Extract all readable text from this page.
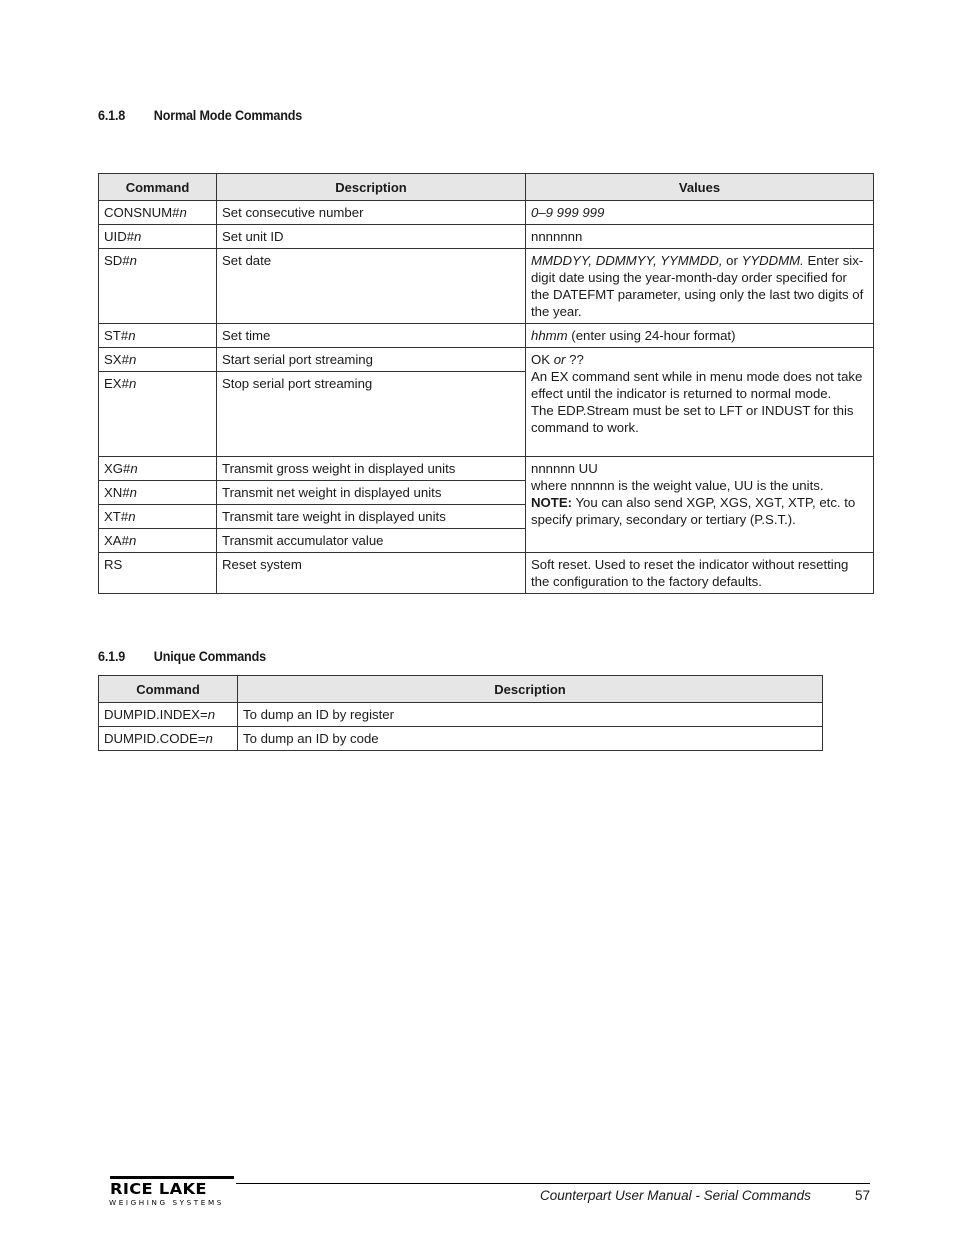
6.1.8 Normal Mode Commands
Command	Description	Values
CONSNUM#n	Set consecutive number	0–9 999 999
UID#n	Set unit ID	nnnnnnn
SD#n	Set date	MMDDYY, DDMMYY, YYMMDD, or YYDDMM. Enter six-digit date using the year-month-day order specified for the DATEFMT parameter, using only the last two digits of the year.
ST#n	Set time	hhmm (enter using 24-hour format)
SX#n	Start serial port streaming	OK or ??
An EX command sent while in menu mode does not take effect until the indicator is returned to normal mode.
The EDP.Stream must be set to LFT or INDUST for this command to work.

EX#n	Stop serial port streaming	
XG#n	Transmit gross weight in displayed units	nnnnnn UU
where nnnnnn is the weight value, UU is the units.
NOTE: You can also send XGP, XGS, XGT, XTP, etc. to specify primary, secondary or tertiary (P.S.T.).

XN#n	Transmit net weight in displayed units	
XT#n	Transmit tare weight in displayed units	
XA#n	Transmit accumulator value	
RS	Reset system	Soft reset. Used to reset the indicator without resetting the configuration to the factory defaults.
6.1.9 Unique Commands
Command	Description
DUMPID.INDEX=n	To dump an ID by register
DUMPID.CODE=n	To dump an ID by code
RICE LAKE
WEIGHING SYSTEMS	Counterpart User Manual - Serial Commands	57
